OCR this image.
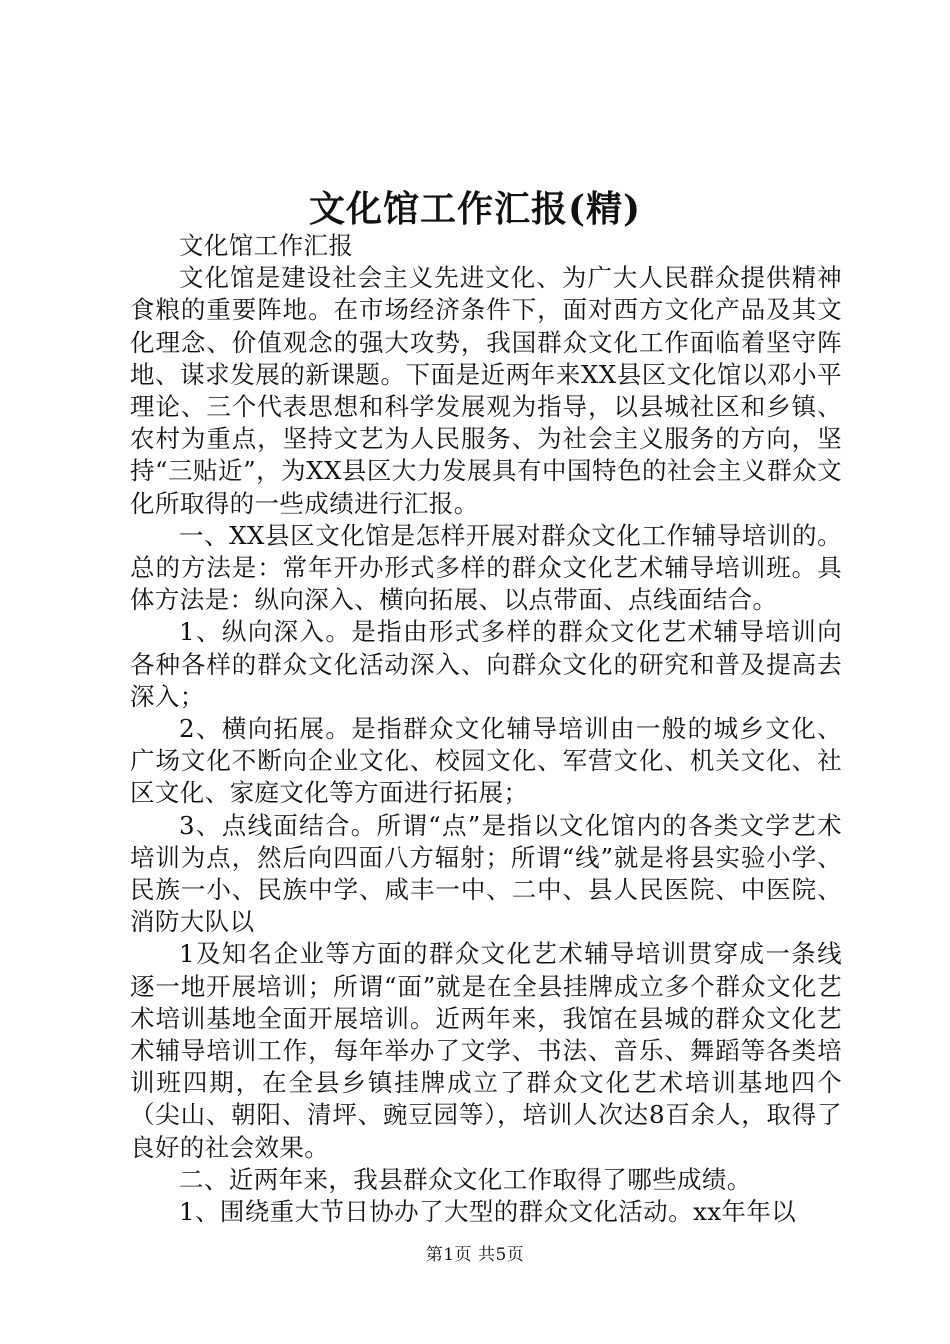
文化馆工作汇报(精)

文化馆工作汇报

文化馆是建设社会主义先进文化、为广大人民群众提供精神食粮的重要阵地。在市场经济条件下，面对西方文化产品及其文化理念、价值观念的强大攻势，我国群众文化工作面临着坚守阵地、谋求发展的新课题。下面是近两年来XX县区文化馆以邓小平理论、三个代表思想和科学发展观为指导，以县城社区和乡镇、农村为重点，坚持文艺为人民服务、为社会主义服务的方向，坚持“三贴近”，为XX县区大力发展具有中国特色的社会主义群众文化所取得的一些成绩进行汇报。

一、XX县区文化馆是怎样开展对群众文化工作辅导培训的。总的方法是：常年开办形式多样的群众文化艺术辅导培训班。具体方法是：纵向深入、横向拓展、以点带面、点线面结合。

1、纵向深入。是指由形式多样的群众文化艺术辅导培训向各种各样的群众文化活动深入、向群众文化的研究和普及提高去深入；

2、横向拓展。是指群众文化辅导培训由一般的城乡文化、广场文化不断向企业文化、校园文化、军营文化、机关文化、社区文化、家庭文化等方面进行拓展；

3、点线面结合。所谓“点”是指以文化馆内的各类文学艺术培训为点，然后向四面八方辐射；所谓“线”就是将县实验小学、民族一小、民族中学、咸丰一中、二中、县人民医院、中医院、消防大队以

1及知名企业等方面的群众文化艺术辅导培训贯穿成一条线逐一地开展培训；所谓“面”就是在全县挂牌成立多个群众文化艺术培训基地全面开展培训。近两年来，我馆在县城的群众文化艺术辅导培训工作，每年举办了文学、书法、音乐、舞蹈等各类培训班四期，在全县乡镇挂牌成立了群众文化艺术培训基地四个（尖山、朝阳、清坪、豌豆园等），培训人次达8百余人，取得了良好的社会效果。

二、近两年来，我县群众文化工作取得了哪些成绩。

1、围绕重大节日协办了大型的群众文化活动。xx年年以

第1页 共5页
